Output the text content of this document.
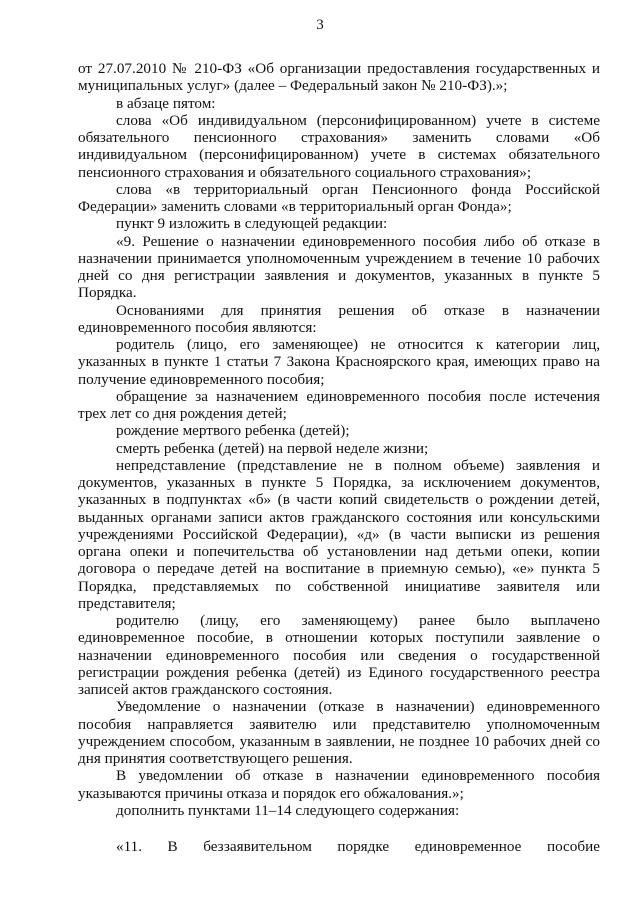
3

от 27.07.2010 № 210-ФЗ «Об организации предоставления государственных и муниципальных услуг» (далее – Федеральный закон № 210-ФЗ).»;

в абзаце пятом:

слова «Об индивидуальном (персонифицированном) учете в системе обязательного пенсионного страхования» заменить словами «Об индивидуальном (персонифицированном) учете в системах обязательного пенсионного страхования и обязательного социального страхования»;

слова «в территориальный орган Пенсионного фонда Российской Федерации» заменить словами «в территориальный орган Фонда»;

пункт 9 изложить в следующей редакции:

«9. Решение о назначении единовременного пособия либо об отказе в назначении принимается уполномоченным учреждением в течение 10 рабочих дней со дня регистрации заявления и документов, указанных в пункте 5 Порядка.

Основаниями для принятия решения об отказе в назначении единовременного пособия являются:

родитель (лицо, его заменяющее) не относится к категории лиц, указанных в пункте 1 статьи 7 Закона Красноярского края, имеющих право на получение единовременного пособия;

обращение за назначением единовременного пособия после истечения трех лет со дня рождения детей;

рождение мертвого ребенка (детей);

смерть ребенка (детей) на первой неделе жизни;

непредставление (представление не в полном объеме) заявления и документов, указанных в пункте 5 Порядка, за исключением документов, указанных в подпунктах «б» (в части копий свидетельств о рождении детей, выданных органами записи актов гражданского состояния или консульскими учреждениями Российской Федерации), «д» (в части выписки из решения органа опеки и попечительства об установлении над детьми опеки, копии договора о передаче детей на воспитание в приемную семью), «е» пункта 5 Порядка, представляемых по собственной инициативе заявителя или представителя;

родителю (лицу, его заменяющему) ранее было выплачено единовременное пособие, в отношении которых поступили заявление о назначении единовременного пособия или сведения о государственной регистрации рождения ребенка (детей) из Единого государственного реестра записей актов гражданского состояния.

Уведомление о назначении (отказе в назначении) единовременного пособия направляется заявителю или представителю уполномоченным учреждением способом, указанным в заявлении, не позднее 10 рабочих дней со дня принятия соответствующего решения.

В уведомлении об отказе в назначении единовременного пособия указываются причины отказа и порядок его обжалования.»;

дополнить пунктами 11–14 следующего содержания:

«11. В беззаявительном порядке единовременное пособие
